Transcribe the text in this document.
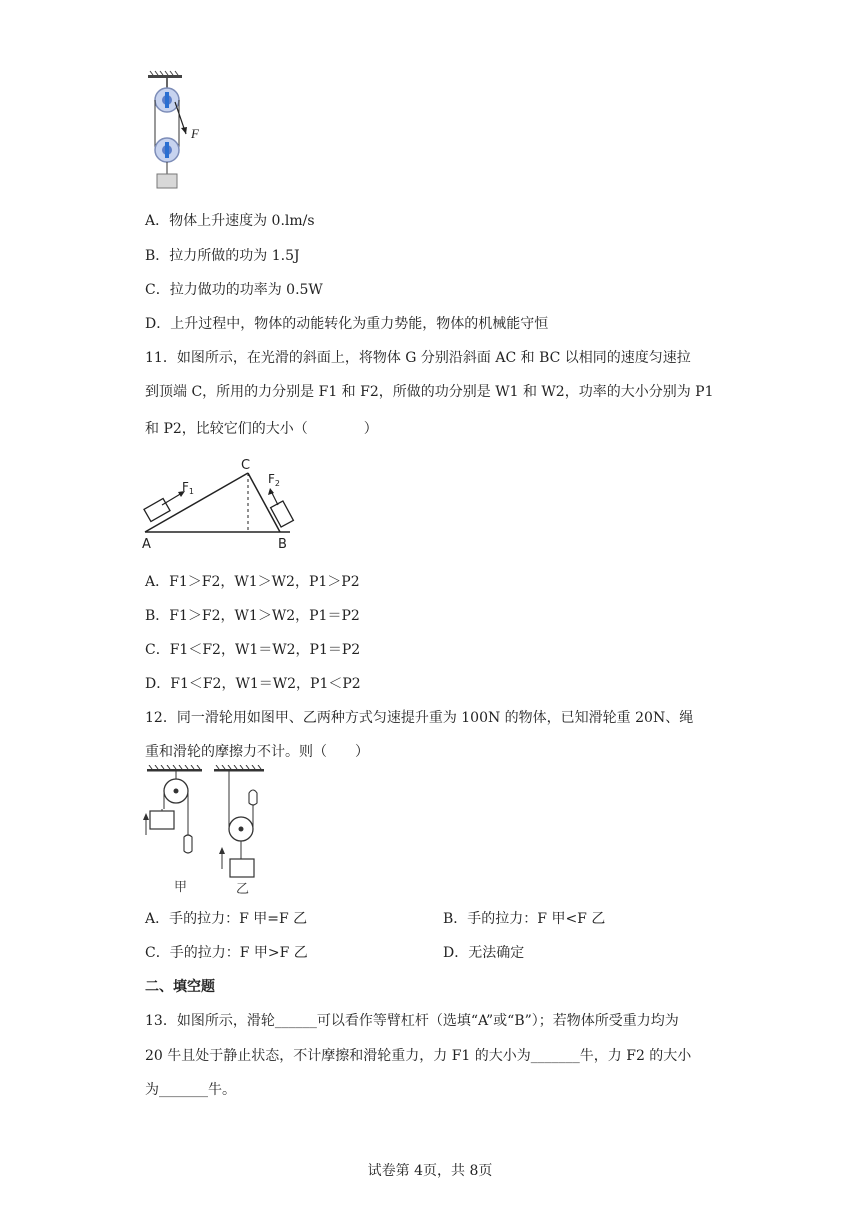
F
A．物体上升速度为 0.lm/s
B．拉力所做的功为 1.5J
C．拉力做功的功率为 0.5W
D．上升过程中，物体的动能转化为重力势能，物体的机械能守恒
11．如图所示，在光滑的斜面上，将物体 G 分别沿斜面 AC 和 BC 以相同的速度匀速拉
到顶端 C，所用的力分别是 F1 和 F2，所做的功分别是 W1 和 W2，功率的大小分别为 P1
和 P2，比较它们的大小（　　　　）
A	B
C
$F_1$
$F_2$
A．F1＞F2，W1＞W2，P1＞P2
B．F1＞F2，W1＞W2，P1＝P2
C．F1＜F2，W1＝W2，P1＝P2
D．F1＜F2，W1＝W2，P1＜P2
12．同一滑轮用如图甲、乙两种方式匀速提升重为 100N 的物体，已知滑轮重 20N、绳
重和滑轮的摩擦力不计。则（　　）
甲	乙
A．手的拉力：F 甲=F 乙	B．手的拉力：F 甲<F 乙
C．手的拉力：F 甲>F 乙	D．无法确定
二、填空题
13．如图所示，滑轮______可以看作等臂杠杆（选填“A”或“B”）；若物体所受重力均为
20 牛且处于静止状态，不计摩擦和滑轮重力，力 F1 的大小为_______牛，力 F2 的大小
为_______牛。
试卷第 4页，共 8页
